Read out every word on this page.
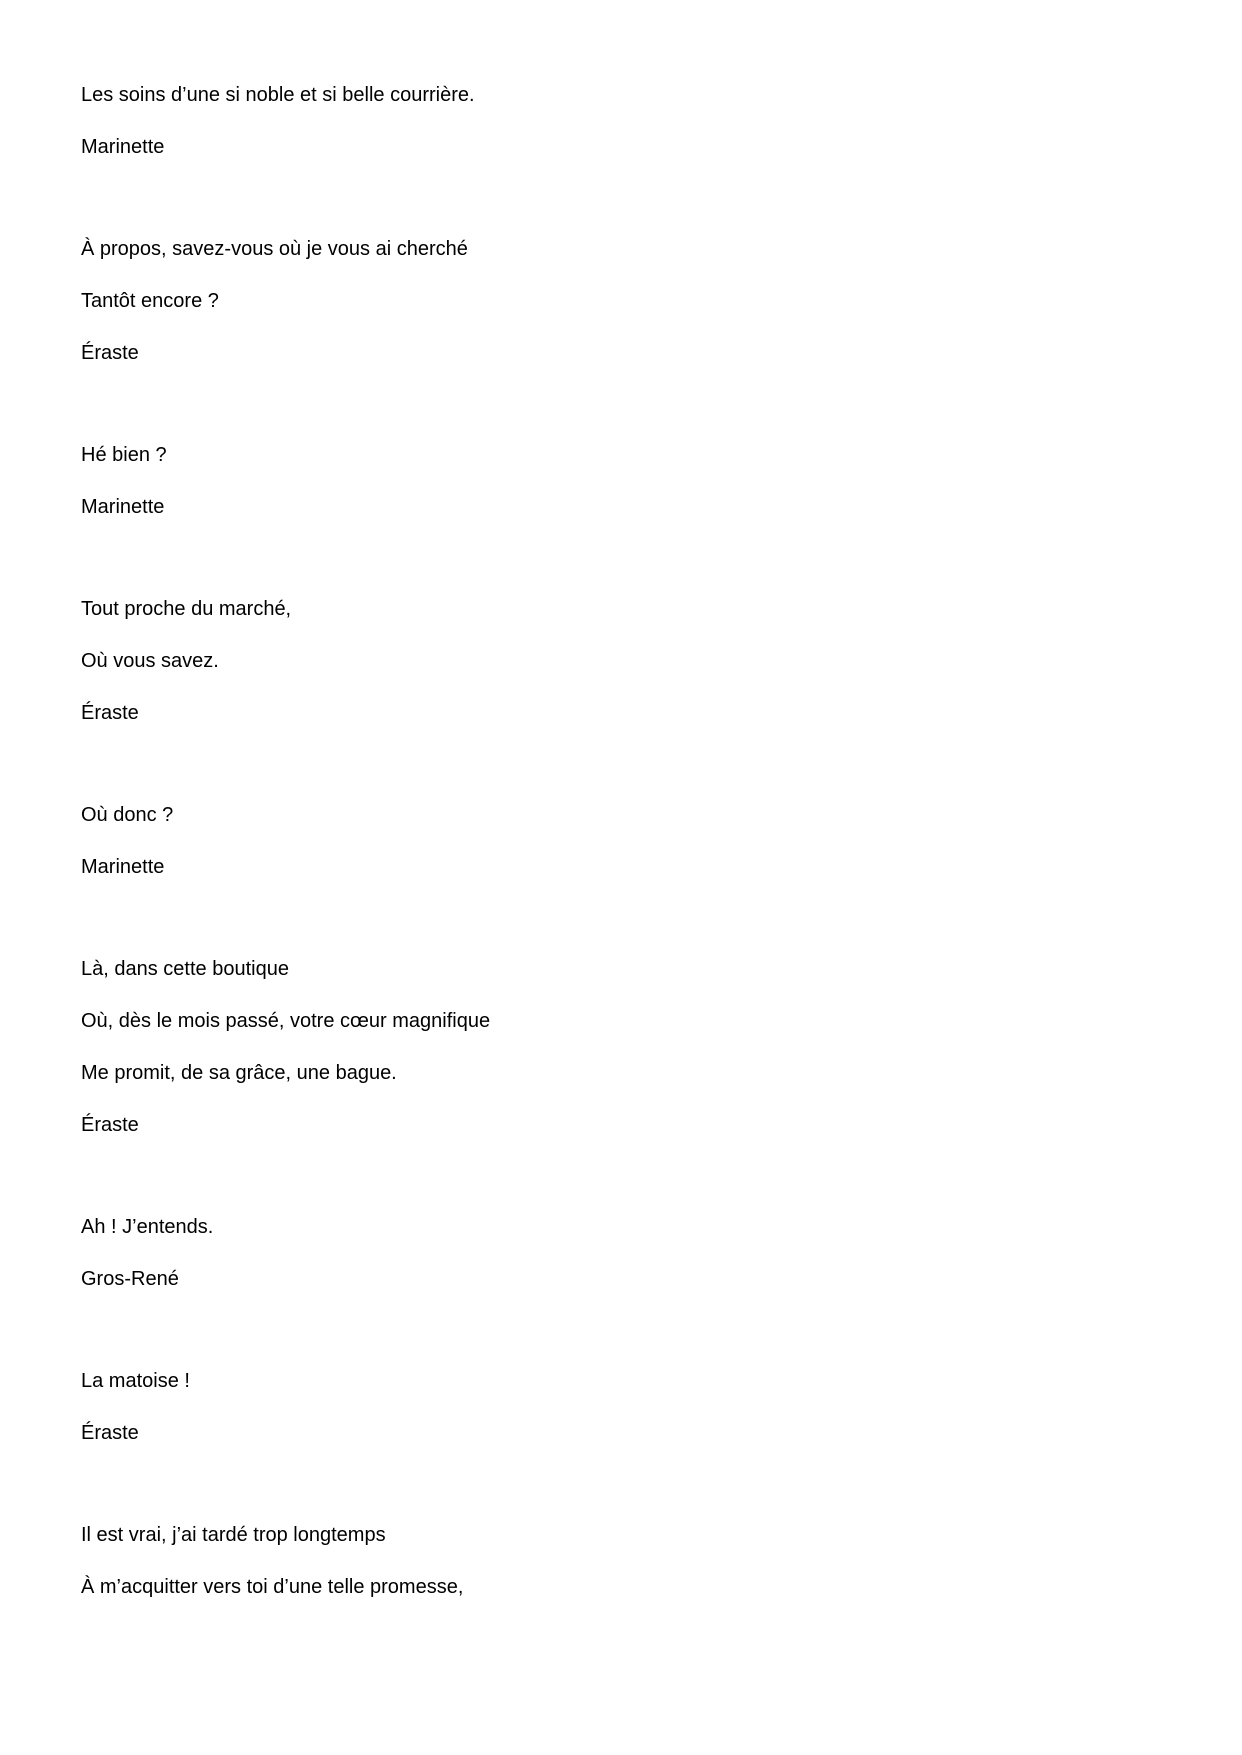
Les soins d’une si noble et si belle courrière.
Marinette
À propos, savez-vous où je vous ai cherché
Tantôt encore ?
Éraste
Hé bien ?
Marinette
Tout proche du marché,
Où vous savez.
Éraste
Où donc ?
Marinette
Là, dans cette boutique
Où, dès le mois passé, votre cœur magnifique
Me promit, de sa grâce, une bague.
Éraste
Ah ! J’entends.
Gros-René
La matoise !
Éraste
Il est vrai, j’ai tardé trop longtemps
À m’acquitter vers toi d’une telle promesse,
